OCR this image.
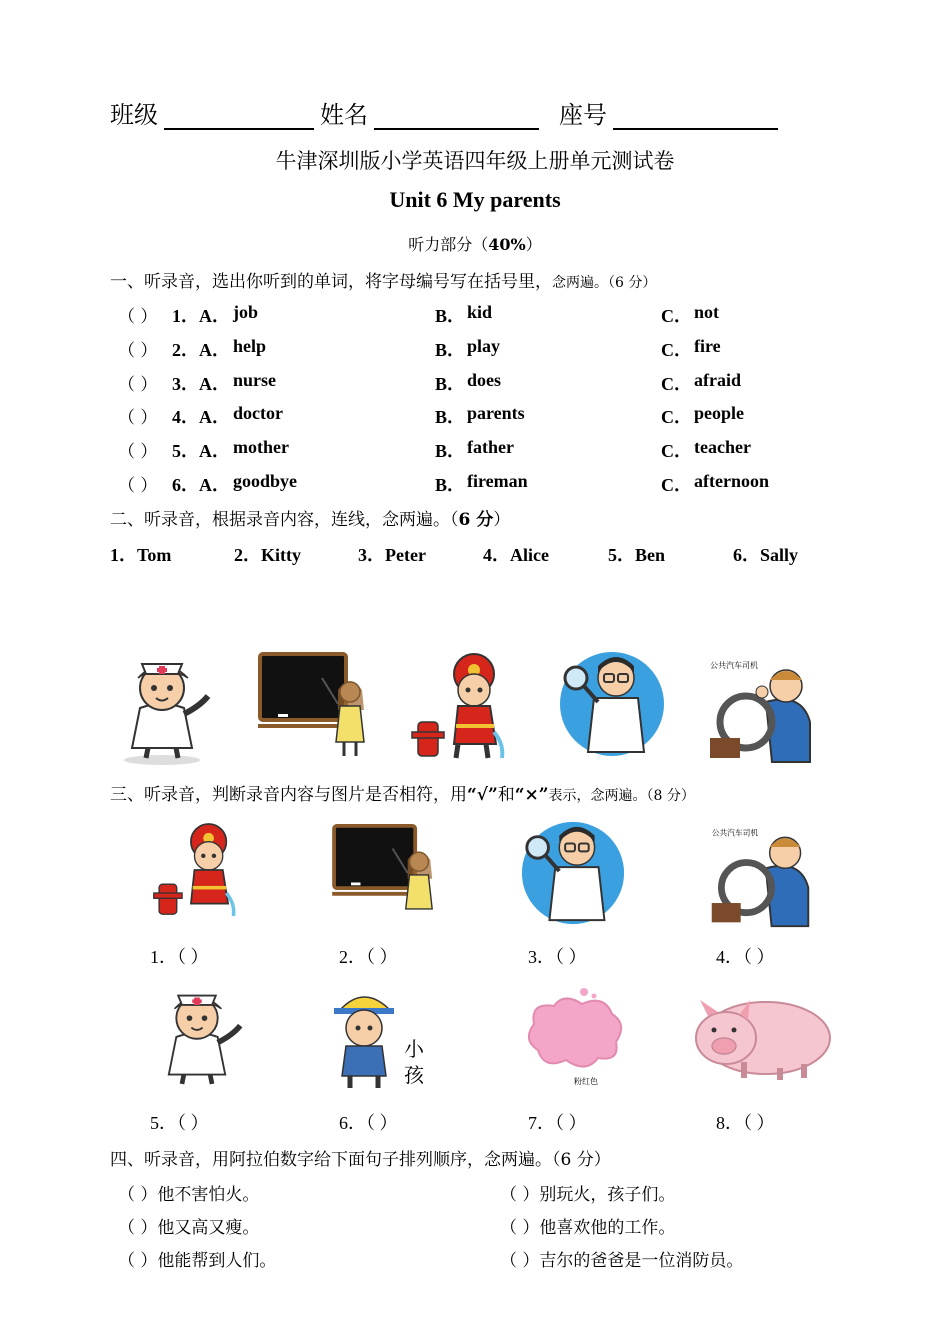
班级	姓名	座号
牛津深圳版小学英语四年级上册单元测试卷
Unit 6 My parents
听力部分（40%）
一、听录音，选出你听到的单词，将字母编号写在括号里，念两遍。（6 分）
（ ） 1．A． job	B． kid	C． not
（ ） 2．A． help	B． play	C． fire
（ ） 3．A． nurse	B． does	C． afraid
（ ） 4．A． doctor	B． parents	C． people
（ ） 5．A． mother	B． father	C． teacher
（ ） 6．A． goodbye	B． fireman	C． afternoon
二、听录音，根据录音内容，连线，念两遍。（6 分）
1．Tom	2．Kitty	3．Peter	4．Alice	5．Ben	6．Sally
公共汽车司机
三、听录音，判断录音内容与图片是否相符，用“√”和“×”表示，念两遍。（8 分）
公共汽车司机
1．（ ）	2．（ ）	3．（ ）	4．（ ）
小
孩	粉红色
5．（ ）	6．（ ）	7．（ ）	8．（ ）
四、听录音，用阿拉伯数字给下面句子排列顺序，念两遍。（6 分）
（ ）他不害怕火。
（ ）他又高又瘦。
（ ）他能帮到人们。
（ ）别玩火，孩子们。
（ ）他喜欢他的工作。
（ ）吉尔的爸爸是一位消防员。
